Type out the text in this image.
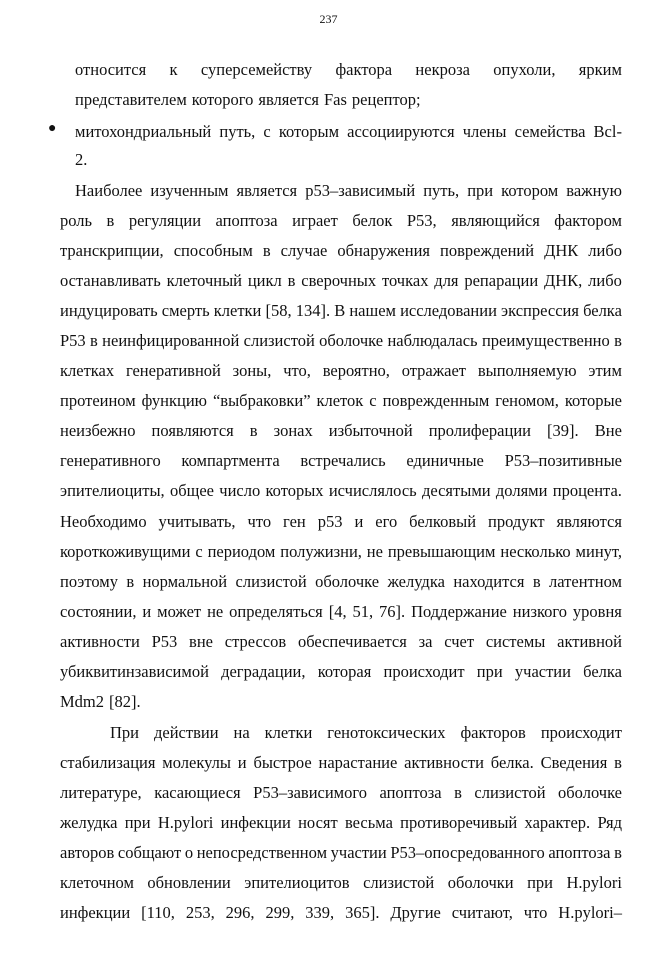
237
●
относится к суперсемейству фактора некроза опухоли, ярким
представителем которого является Fas рецептор;
митохондриальный путь, с которым ассоциируются члены семейства Bcl-
2.
Наиболее изученным является p53–зависимый путь, при котором важную
роль в регуляции апоптоза играет белок P53, являющийся фактором
транскрипции, способным в случае обнаружения повреждений ДНК либо
останавливать клеточный цикл в сверочных точках для репарации ДНК, либо
индуцировать смерть клетки [58, 134]. В нашем исследовании экспрессия белка
P53 в неинфицированной слизистой оболочке наблюдалась преимущественно в
клетках генеративной зоны, что, вероятно, отражает выполняемую этим
протеином функцию “выбраковки” клеток с поврежденным геномом, которые
неизбежно появляются в зонах избыточной пролиферации [39]. Вне
генеративного компартмента встречались единичные P53–позитивные
эпителиоциты, общее число которых исчислялось десятыми долями процента.
Необходимо учитывать, что ген p53 и его белковый продукт являются
короткоживущими с периодом полужизни, не превышающим несколько минут,
поэтому в нормальной слизистой оболочке желудка находится в латентном
состоянии, и может не определяться [4, 51, 76]. Поддержание низкого уровня
активности P53 вне стрессов обеспечивается за счет системы активной
убиквитинзависимой деградации, которая происходит при участии белка
Mdm2 [82].
При действии на клетки генотоксических факторов происходит
стабилизация молекулы и быстрое нарастание активности белка. Сведения в
литературе, касающиеся P53–зависимого апоптоза в слизистой оболочке
желудка при H.pylori инфекции носят весьма противоречивый характер. Ряд
авторов собщают о непосредственном участии P53–опосредованного апоптоза в
клеточном обновлении эпителиоцитов слизистой оболочки при H.pylori
инфекции [110, 253, 296, 299, 339, 365]. Другие считают, что H.pylori–
